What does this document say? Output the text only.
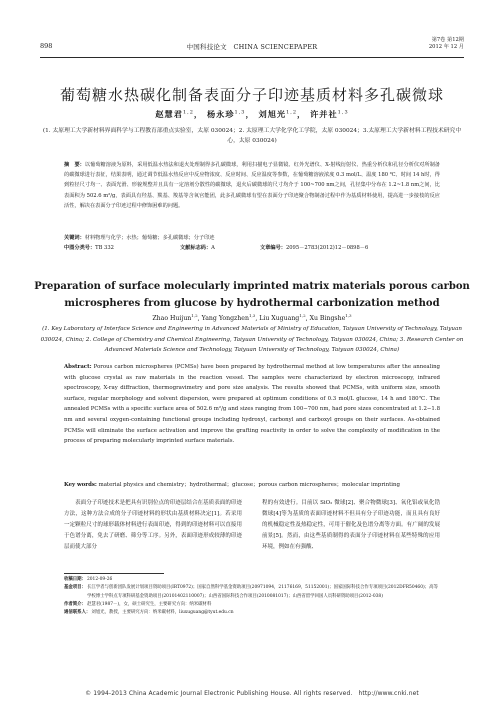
898	中国科技论文　CHINA SCIENCEPAPER
第7卷 第12期
2012 年 12 月
葡萄糖水热碳化制备表面分子印迹基质材料多孔碳微球
赵慧君$^{1,2}$， 杨永珍$^{1,3}$， 刘旭光$^{1,2}$， 许并社$^{1,3}$
(1. 太原理工大学新材料界面科学与工程教育部重点实验室，太原 030024；2. 太原理工大学化学化工学院，太原 030024；3.太原理工大学新材料工程技术研究中心，太原 030024)
摘　要：以葡萄糖溶液为原料，采用低温水热法和退火处理制得多孔碳微球，利用扫描电子显微镜、红外光谱仪、X-射线衍射仪、热重分析仪和孔径分析仪对所制备的碳微球进行表征，结果表明，通过调节低温水热反应中反应物浓度、反应时间、反应温度等参数，在葡萄糖溶液浓度 0.3 mol/L、温度 180 ℃、时间 14 h时，得到粒径尺寸均一、表面光滑、形貌规整并且具有一定溶剂分散性的碳微球，退火后碳微球的尺寸均介于 100~700 nm之间，孔径集中分布在 1.2~1.8 nm之间，比表面积为 502.6 m²/g，表面具有羟基、羰基、羧基等含氧官能团，此多孔碳微球有望在表面分子印迹聚合物制备过程中作为基质材料使用，提高进一步接枝的反应活性，解决在表面分子印迹过程中修饰困难的问题。
关键词：材料物理与化学；水热；葡萄糖；多孔碳微球；分子印迹
中图分类号：TB 332	文献标志码：A	文章编号：2095－2783(2012)12－0898－6
Preparation of surface molecularly imprinted matrix materials porous carbon microspheres from glucose by hydrothermal carbonization method
Zhao Huijun$^{1,2}$, Yang Yongzhen$^{1,3}$, Liu Xuguang$^{1,2}$, Xu Bingshe$^{1,3}$
(1. Key Laboratory of Interface Science and Engineering in Advanced Materials of Ministry of Education, Taiyuan University of Technology, Taiyuan 030024, China; 2. College of Chemistry and Chemical Engineering, Taiyuan University of Technology, Taiyuan 030024, China; 3. Research Center on Advanced Materials Science and Technology, Taiyuan University of Technology, Taiyuan 030024, China)
Abstract: Porous carbon microspheres (PCMSs) have been prepared by hydrothermal method at low temperatures after the annealing with glucose crystal as raw materials in the reaction vessel. The samples were characterized by electron microscopy, infrared spectroscopy, X-ray diffraction, thermogravimetry and pore size analysis. The results showed that PCMSs, with uniform size, smooth surface, regular morphology and solvent dispersion, were prepared at optimum conditions of 0.3 mol/L glucose, 14 h and 180℃. The annealed PCMSs with a specific surface area of 502.6 m²/g and sizes ranging from 100−700 nm, had pore sizes concentrated at 1.2−1.8 nm and several oxygen-containing functional groups including hydroxyl, carbonyl and carboxyl groups on their surfaces. As-obtained PCMSs will eliminate the surface activation and improve the grafting reactivity in order to solve the complexity of modification in the process of preparing molecularly imprinted surface materials.
Key words: material physics and chemistry；hydrothermal；glucose；porous carbon microspheres；molecular imprinting
表面分子印迹技术是把具有识别位点的印迹层结合在基质表面的印迹方法，这种方法合成的分子印迹材料的形状由基质材料决定[1]。若采用一定颗粒尺寸的球形载体材料进行表面印迹，得到的印迹材料可以直接用于色谱分离，免去了研磨、筛分等工序。另外，表面印迹形成较薄的印迹层而使大部分
程的有效进行。目前以 SiO₂ 微球[2]、聚合物微球[3]、氧化铝或氧化锆微球[4]等为基质的表面印迹材料不但具有分子印迹功能，而且具有良好的机械稳定性及热稳定性，可用于催化及色谱分离等方面。有广阔的发展前景[5]。然而，由这些基质制得的表面分子印迹材料在某些特殊的应用环境，例如在有强酸、
收稿日期： 2012-09-26
基金项目： 长江学者与创新团队发展计划项目资助项目(IRT0972)；国家自然科学基金资助项目(20971094，21176169，51152001)；国家国际科技合作专项项目(2012DFR50460)；高等学校博士学科点专项科研基金资助项目(20101402110007)；山西省国际科技合作项目(2010081017)；山西省留学回国人员科研资助项目(2012-038)
作者简介： 赵慧君(1987－)，女，硕士研究生，主要研究方向：纳米碳材料
通信联系人： 刘旭光，教授，主要研究方向：纳米碳材料，liuxuguang@tyut.edu.cn
© 1994-2013 China Academic Journal Electronic Publishing House. All rights reserved.　http://www.cnki.net
